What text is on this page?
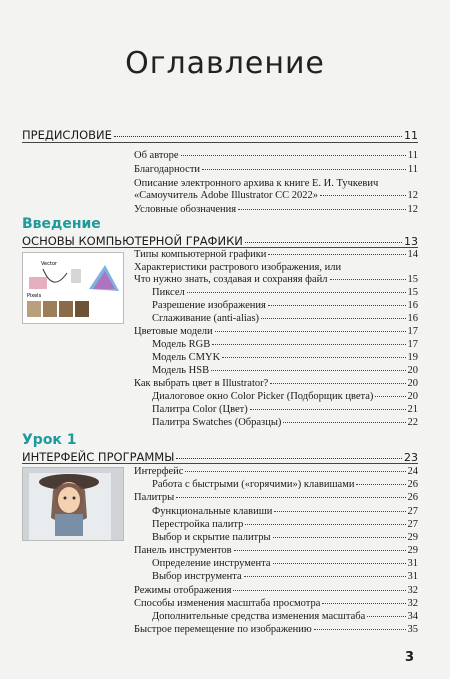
Оглавление
ПРЕДИСЛОВИЕ	11
Об авторе	11
Благодарности	11
Описание электронного архива к книге Е. И. Тучкевич
«Самоучитель Adobe Illustrator CC 2022»	12
Условные обозначения	12
Введение
ОСНОВЫ КОМПЬЮТЕРНОЙ ГРАФИКИ	13
Vector
Pixels
Типы компьютерной графики	14
Характеристики растрового изображения, или
Что нужно знать, создавая и сохраняя файл	15
Пиксел	15
Разрешение изображения	16
Сглаживание (anti-alias)	16
Цветовые модели	17
Модель RGB	17
Модель CMYK	19
Модель HSB	20
Как выбрать цвет в Illustrator?	20
Диалоговое окно Color Picker (Подборщик цвета)	20
Палитра Color (Цвет)	21
Палитра Swatches (Образцы)	22
Урок 1
ИНТЕРФЕЙС ПРОГРАММЫ	23
Интерфейс	24
Работа с быстрыми («горячими») клавишами	26
Палитры	26
Функциональные клавиши	27
Перестройка палитр	27
Выбор и скрытие палитры	29
Панель инструментов	29
Определение инструмента	31
Выбор инструмента	31
Режимы отображения	32
Способы изменения масштаба просмотра	32
Дополнительные средства изменения масштаба	34
Быстрое перемещение по изображению	35
3
